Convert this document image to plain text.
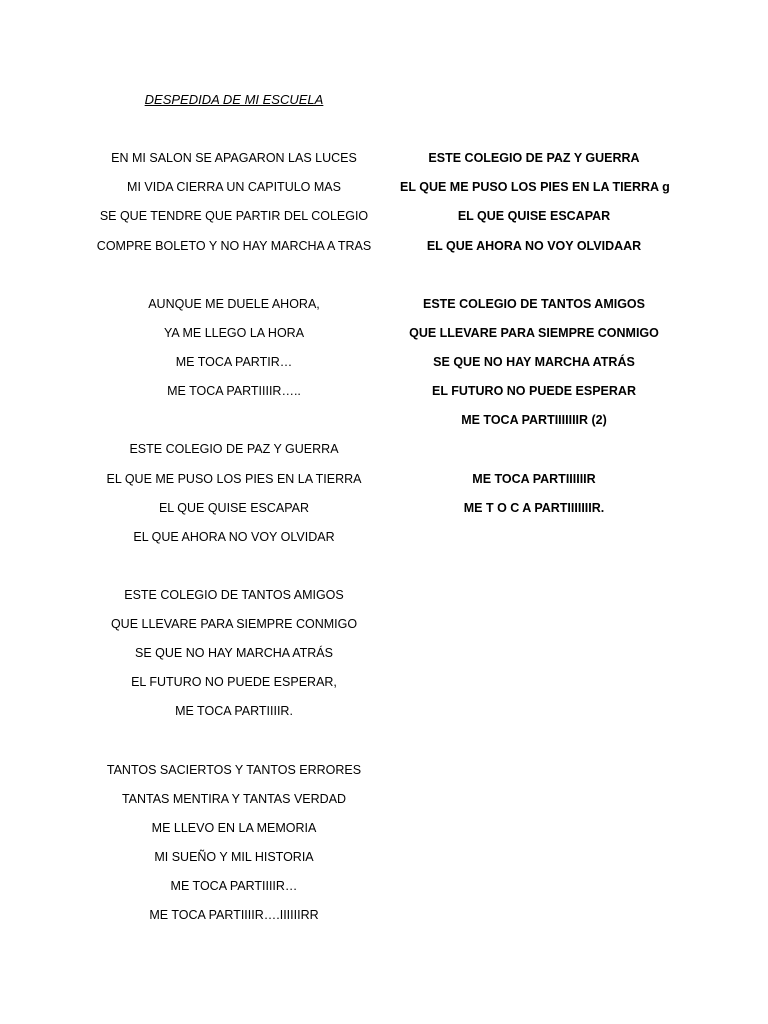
DESPEDIDA DE MI ESCUELA
EN MI SALON SE APAGARON LAS LUCES
MI VIDA CIERRA UN CAPITULO MAS
SE QUE TENDRE QUE PARTIR DEL COLEGIO
COMPRE BOLETO Y NO HAY MARCHA A TRAS
AUNQUE ME DUELE AHORA,
YA ME LLEGO LA HORA
ME TOCA PARTIR…
ME TOCA PARTIIIIR…..
ESTE COLEGIO DE PAZ Y GUERRA
EL QUE ME PUSO LOS PIES EN LA TIERRA
EL QUE QUISE ESCAPAR
EL QUE AHORA NO VOY OLVIDAR
ESTE COLEGIO DE TANTOS AMIGOS
QUE LLEVARE PARA SIEMPRE CONMIGO
SE QUE NO HAY MARCHA ATRÁS
EL FUTURO NO PUEDE ESPERAR,
ME TOCA PARTIIIIR.
TANTOS SACIERTOS Y TANTOS ERRORES
TANTAS MENTIRA Y TANTAS VERDAD
ME LLEVO EN LA MEMORIA
MI SUEÑO Y MIL HISTORIA
ME TOCA PARTIIIIR…
ME TOCA PARTIIIIR….IIIIIIRR
ESTE COLEGIO DE PAZ Y GUERRA
EL QUE ME PUSO LOS PIES EN LA TIERRA g
EL QUE QUISE ESCAPAR
EL QUE AHORA NO VOY OLVIDAAR
ESTE COLEGIO DE TANTOS AMIGOS
QUE LLEVARE PARA SIEMPRE CONMIGO
SE QUE NO HAY MARCHA ATRÁS
EL FUTURO NO PUEDE ESPERAR
ME TOCA PARTIIIIIIIR (2)
ME TOCA PARTIIIIIIR
ME T O C A PARTIIIIIIIR.
